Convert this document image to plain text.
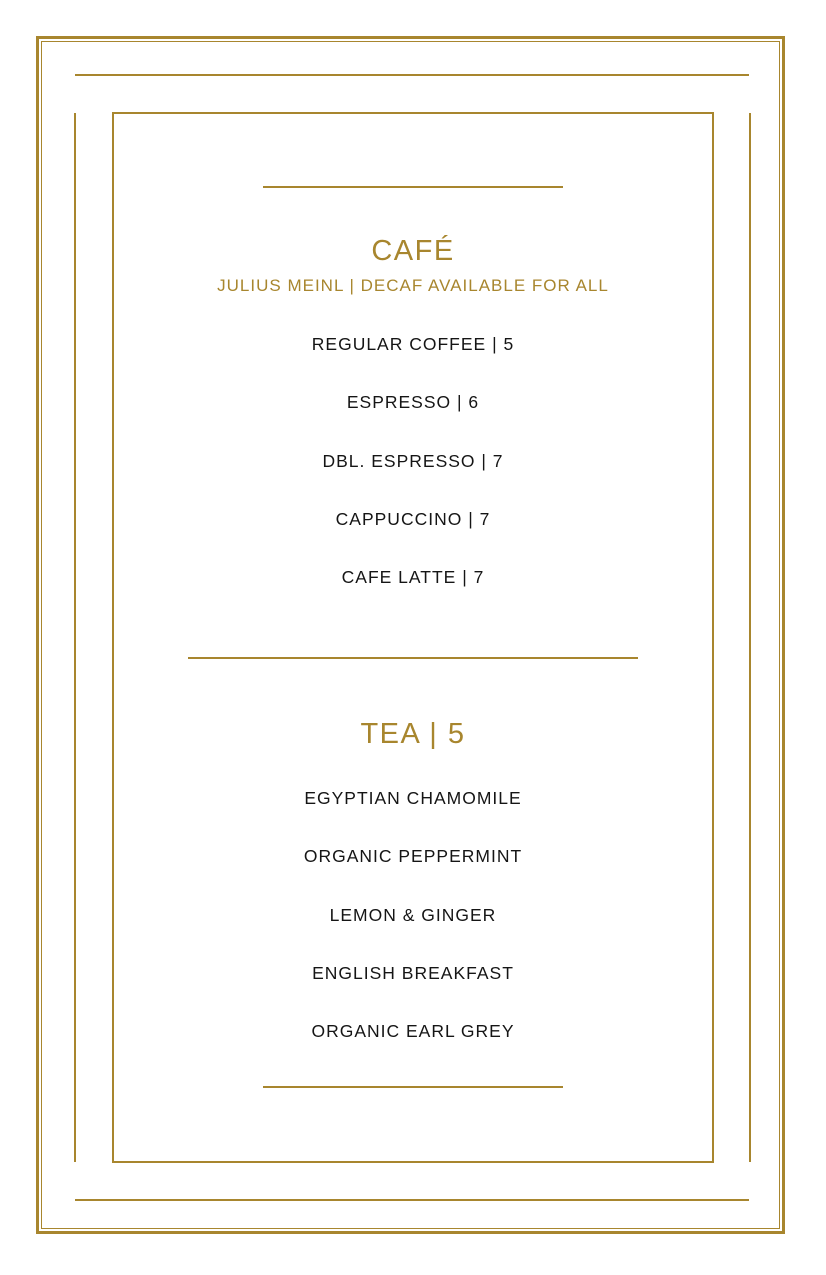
CAFÉ
JULIUS MEINL | DECAF AVAILABLE FOR ALL
REGULAR COFFEE | 5
ESPRESSO | 6
DBL. ESPRESSO | 7
CAPPUCCINO | 7
CAFE LATTE | 7
TEA | 5
EGYPTIAN CHAMOMILE
ORGANIC PEPPERMINT
LEMON & GINGER
ENGLISH BREAKFAST
ORGANIC EARL GREY
